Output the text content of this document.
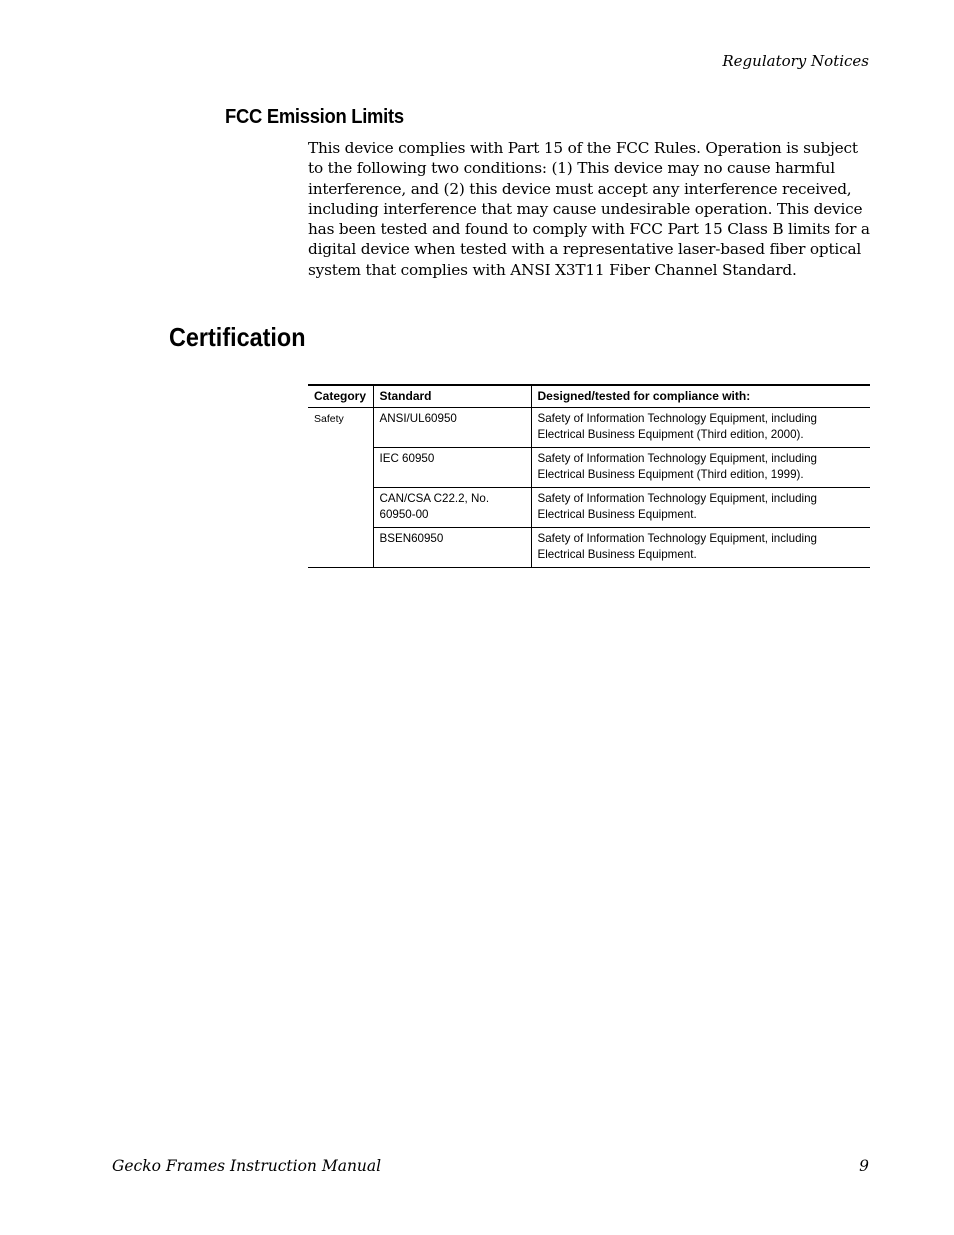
Regulatory Notices
FCC Emission Limits

This device complies with Part 15 of the FCC Rules. Operation is subject to the following two conditions: (1) This device may no cause harmful interference, and (2) this device must accept any interference received, including interference that may cause undesirable operation. This device has been tested and found to comply with FCC Part 15 Class B limits for a digital device when tested with a representative laser-based fiber optical system that complies with ANSI X3T11 Fiber Channel Standard.

Certification
Category	Standard	Designed/tested for compliance with:
Safety	ANSI/UL60950	Safety of Information Technology Equipment, including Electrical Business Equipment (Third edition, 2000).
	IEC 60950	Safety of Information Technology Equipment, including Electrical Business Equipment (Third edition, 1999).
	CAN/CSA C22.2, No. 60950-00	Safety of Information Technology Equipment, including Electrical Business Equipment.
	BSEN60950	Safety of Information Technology Equipment, including Electrical Business Equipment.
Gecko Frames Instruction Manual	9
